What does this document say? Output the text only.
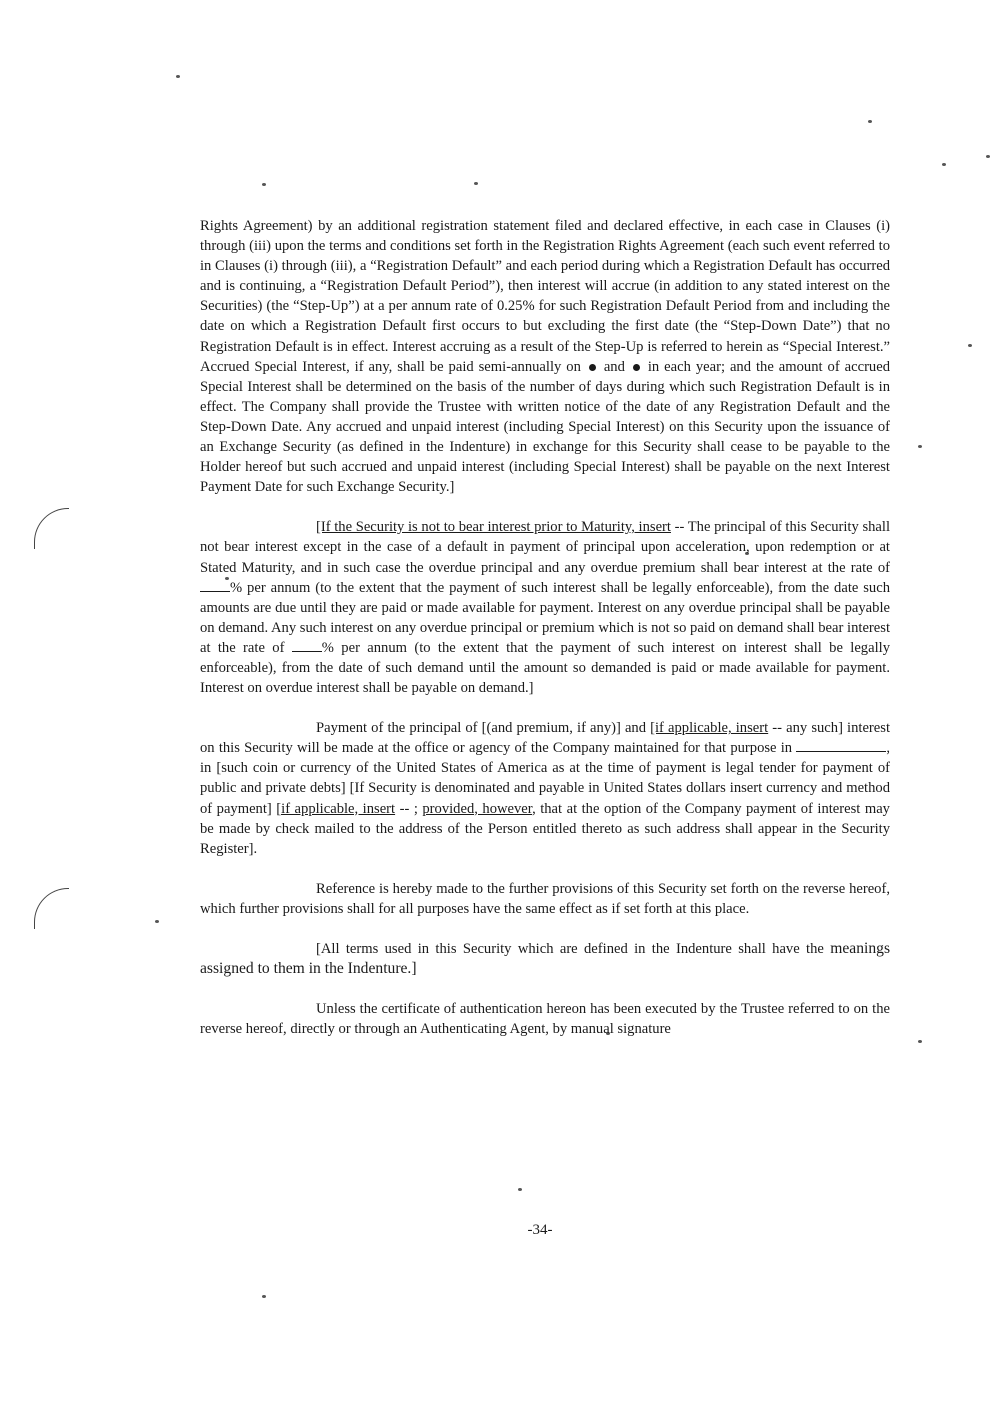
Rights Agreement) by an additional registration statement filed and declared effective, in each case in Clauses (i) through (iii) upon the terms and conditions set forth in the Registration Rights Agreement (each such event referred to in Clauses (i) through (iii), a “Registration Default” and each period during which a Registration Default has occurred and is continuing, a “Registration Default Period”), then interest will accrue (in addition to any stated interest on the Securities) (the “Step-Up”) at a per annum rate of 0.25% for such Registration Default Period from and including the date on which a Registration Default first occurs to but excluding the first date (the “Step-Down Date”) that no Registration Default is in effect. Interest accruing as a result of the Step-Up is referred to herein as “Special Interest.” Accrued Special Interest, if any, shall be paid semi-annually on and in each year; and the amount of accrued Special Interest shall be determined on the basis of the number of days during which such Registration Default is in effect. The Company shall provide the Trustee with written notice of the date of any Registration Default and the Step-Down Date. Any accrued and unpaid interest (including Special Interest) on this Security upon the issuance of an Exchange Security (as defined in the Indenture) in exchange for this Security shall cease to be payable to the Holder hereof but such accrued and unpaid interest (including Special Interest) shall be payable on the next Interest Payment Date for such Exchange Security.]

[If the Security is not to bear interest prior to Maturity, insert -- The principal of this Security shall not bear interest except in the case of a default in payment of principal upon acceleration, upon redemption or at Stated Maturity, and in such case the overdue principal and any overdue premium shall bear interest at the rate of % per annum (to the extent that the payment of such interest shall be legally enforceable), from the date such amounts are due until they are paid or made available for payment. Interest on any overdue principal shall be payable on demand. Any such interest on any overdue principal or premium which is not so paid on demand shall bear interest at the rate of	% per annum (to the extent that the payment of such interest on interest shall be legally enforceable), from the date of such demand until the amount so demanded is paid or made available for payment. Interest on overdue interest shall be payable on demand.]

Payment of the principal of [(and premium, if any)] and [if applicable, insert -- any such] interest on this Security will be made at the office or agency of the Company maintained for that purpose in	, in [such coin or currency of the United States of America as at the time of payment is legal tender for payment of public and private debts] [If Security is denominated and payable in United States dollars insert currency and method of payment] [if applicable, insert -- ; provided, however, that at the option of the Company payment of interest may be made by check mailed to the address of the Person entitled thereto as such address shall appear in the Security Register].

Reference is hereby made to the further provisions of this Security set forth on the reverse hereof, which further provisions shall for all purposes have the same effect as if set forth at this place.

[All terms used in this Security which are defined in the Indenture shall have the meanings assigned to them in the Indenture.]

Unless the certificate of authentication hereon has been executed by the Trustee referred to on the reverse hereof, directly or through an Authenticating Agent, by manual signature

-34-
